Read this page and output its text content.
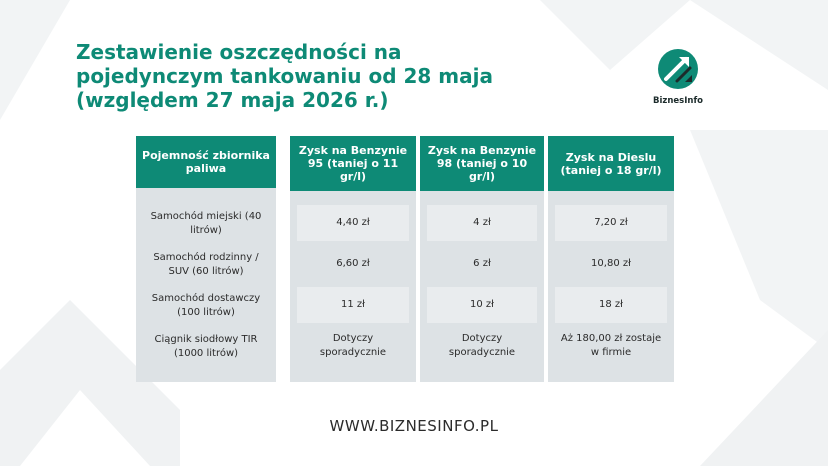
Zestawienie oszczędności na pojedynczym tankowaniu od 28 maja (względem 27 maja 2026 r.)	BiznesInfo
Pojemność zbiornika paliwa
Samochód miejski (40 litrów)
Samochód rodzinny / SUV (60 litrów)
Samochód dostawczy (100 litrów)
Ciągnik siodłowy TIR (1000 litrów)
Zysk na Benzynie 95 (taniej o 11 gr/l)
4,40 zł
6,60 zł
11 zł
Dotyczy sporadycznie
Zysk na Benzynie 98 (taniej o 10 gr/l)
4 zł
6 zł
10 zł
Dotyczy sporadycznie
Zysk na Dieslu (taniej o 18 gr/l)
7,20 zł
10,80 zł
18 zł
Aż 180,00 zł zostaje w firmie
WWW.BIZNESINFO.PL
